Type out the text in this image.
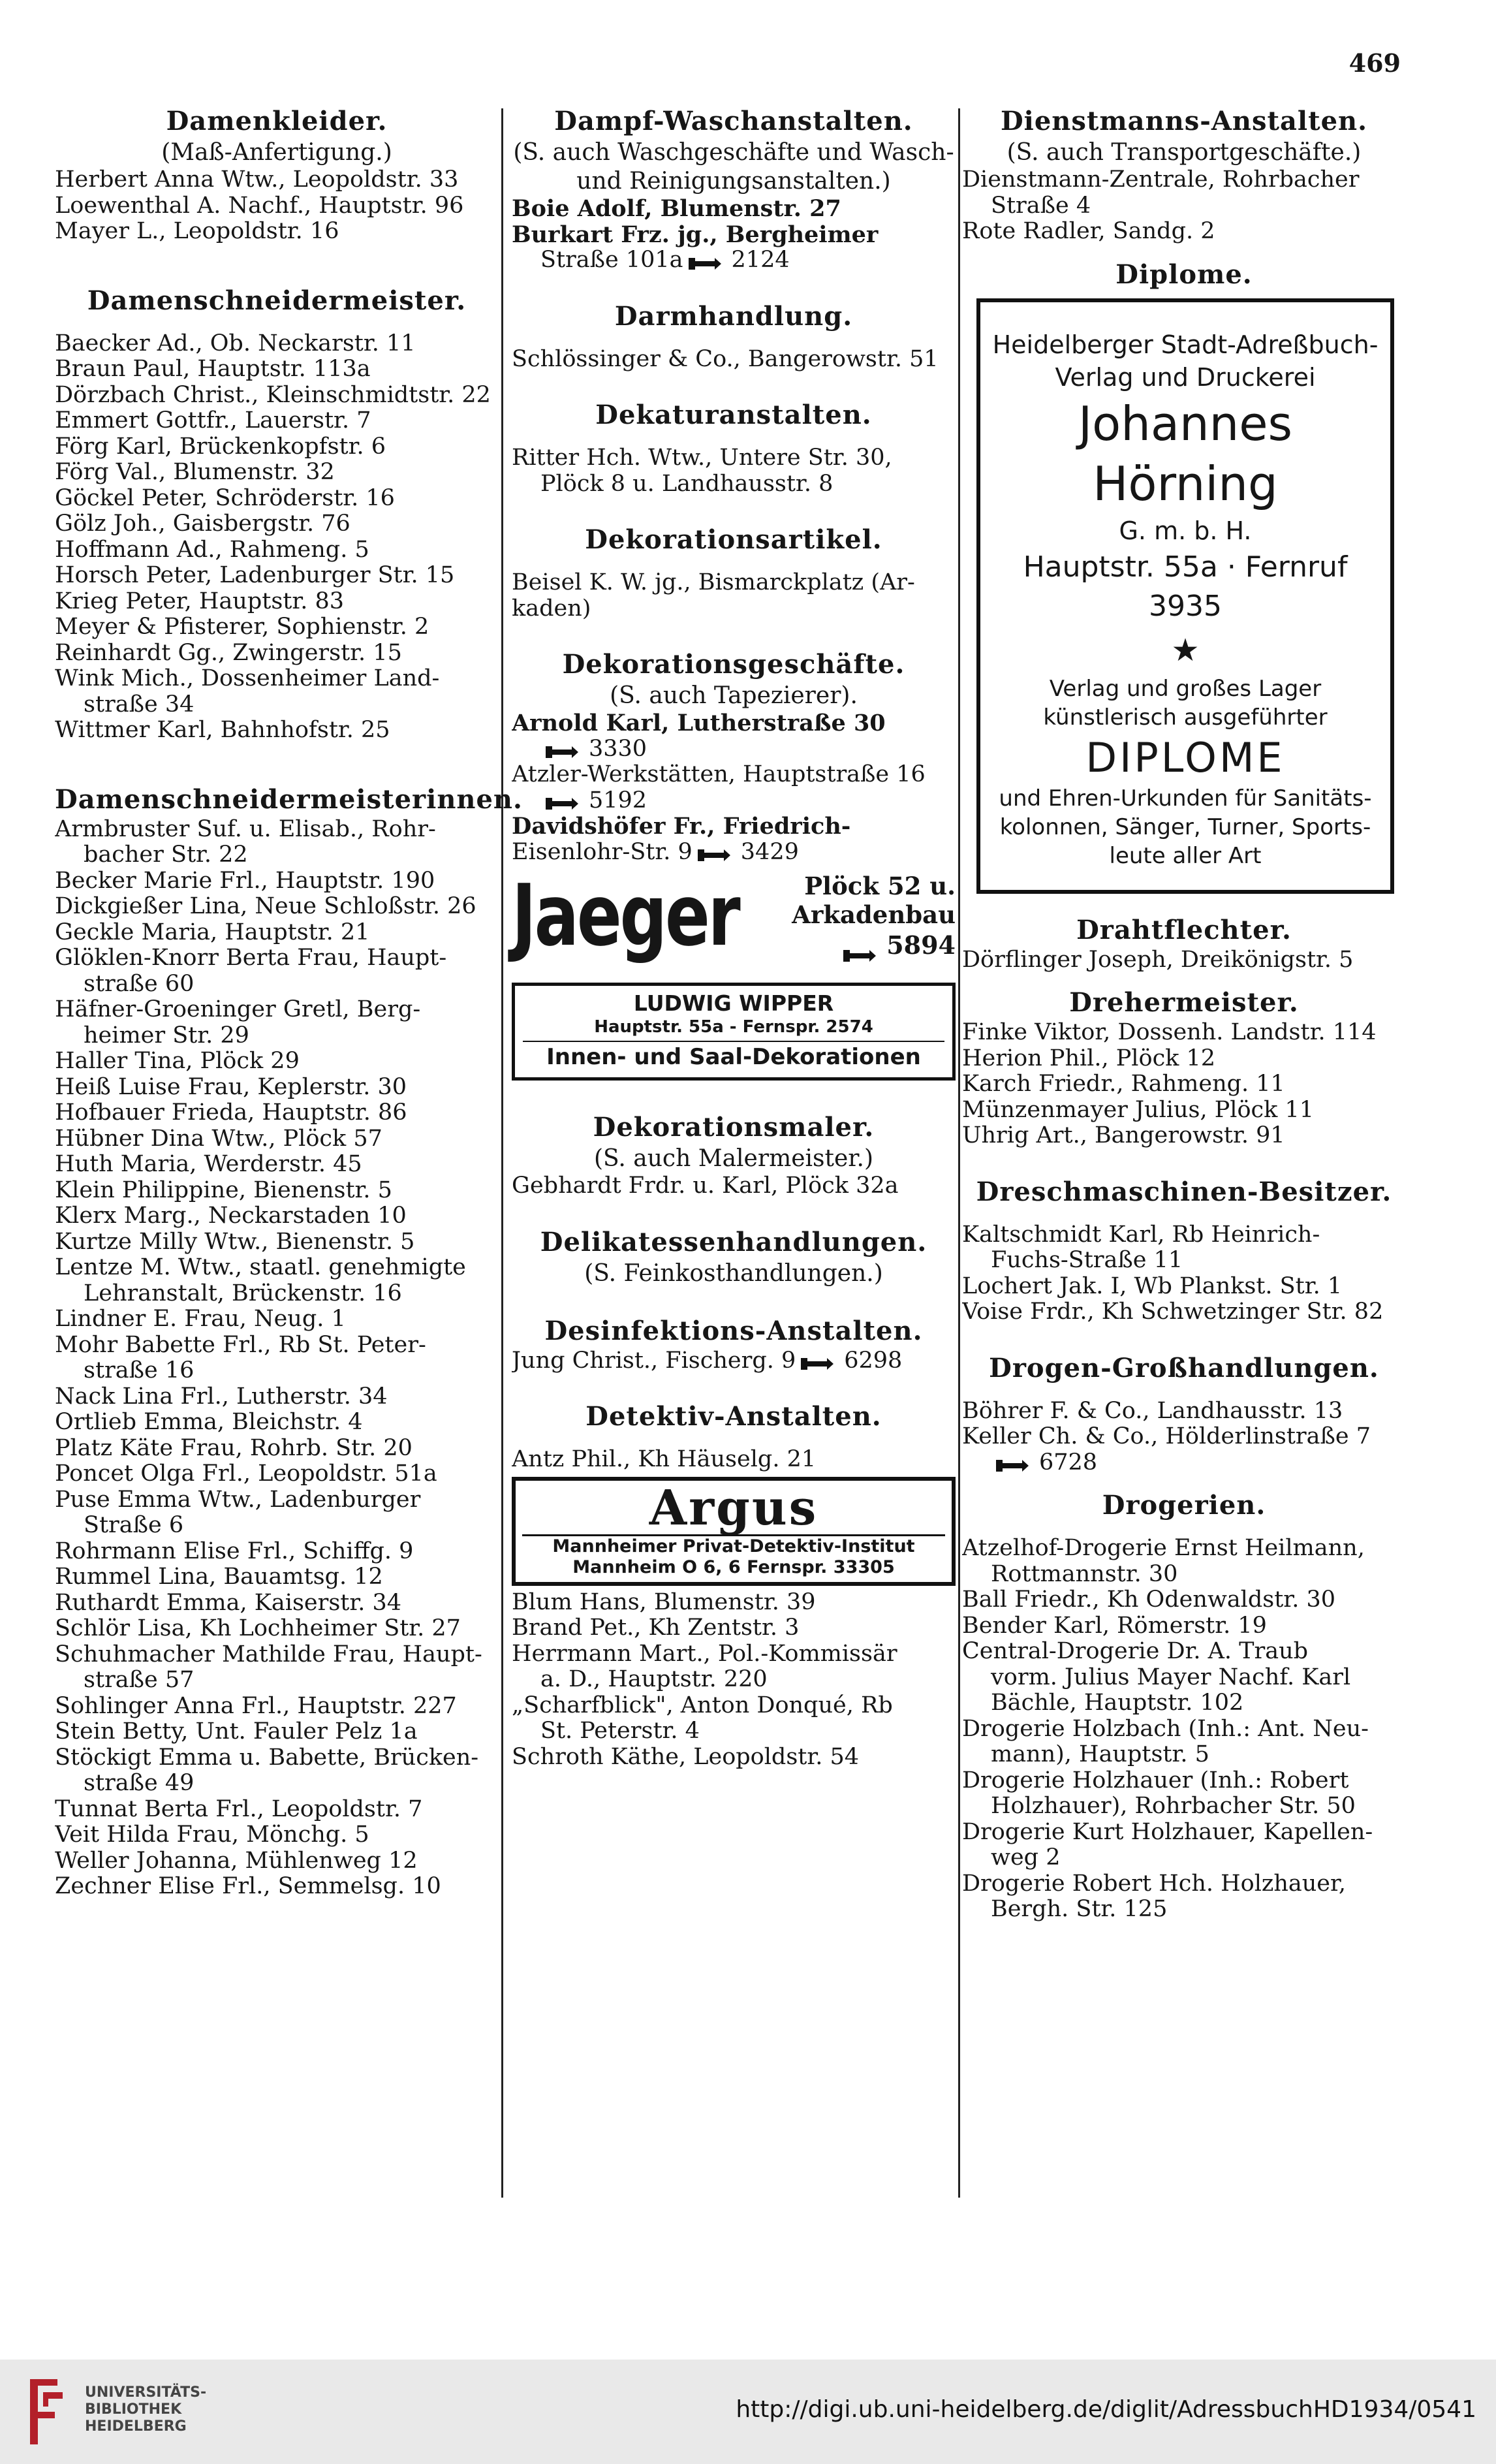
469
Damenkleider.
(Maß-Anfertigung.)
Herbert Anna Wtw., Leopoldstr. 33
Loewenthal A. Nachf., Hauptstr. 96
Mayer L., Leopoldstr. 16
Damenschneidermeister.
Baecker Ad., Ob. Neckarstr. 11
Braun Paul, Hauptstr. 113a
Dörzbach Christ., Kleinschmidtstr. 22
Emmert Gottfr., Lauerstr. 7
Förg Karl, Brückenkopfstr. 6
Förg Val., Blumenstr. 32
Göckel Peter, Schröderstr. 16
Gölz Joh., Gaisbergstr. 76
Hoffmann Ad., Rahmeng. 5
Horsch Peter, Ladenburger Str. 15
Krieg Peter, Hauptstr. 83
Meyer & Pfisterer, Sophienstr. 2
Reinhardt Gg., Zwingerstr. 15
Wink Mich., Dossenheimer Land-
straße 34
Wittmer Karl, Bahnhofstr. 25
Damenschneidermeisterinnen.
Armbruster Suf. u. Elisab., Rohr-
bacher Str. 22
Becker Marie Frl., Hauptstr. 190
Dickgießer Lina, Neue Schloßstr. 26
Geckle Maria, Hauptstr. 21
Glöklen-Knorr Berta Frau, Haupt-
straße 60
Häfner-Groeninger Gretl, Berg-
heimer Str. 29
Haller Tina, Plöck 29
Heiß Luise Frau, Keplerstr. 30
Hofbauer Frieda, Hauptstr. 86
Hübner Dina Wtw., Plöck 57
Huth Maria, Werderstr. 45
Klein Philippine, Bienenstr. 5
Klerx Marg., Neckarstaden 10
Kurtze Milly Wtw., Bienenstr. 5
Lentze M. Wtw., staatl. genehmigte
Lehranstalt, Brückenstr. 16
Lindner E. Frau, Neug. 1
Mohr Babette Frl., Rb St. Peter-
straße 16
Nack Lina Frl., Lutherstr. 34
Ortlieb Emma, Bleichstr. 4
Platz Käte Frau, Rohrb. Str. 20
Poncet Olga Frl., Leopoldstr. 51a
Puse Emma Wtw., Ladenburger
Straße 6
Rohrmann Elise Frl., Schiffg. 9
Rummel Lina, Bauamtsg. 12
Ruthardt Emma, Kaiserstr. 34
Schlör Lisa, Kh Lochheimer Str. 27
Schuhmacher Mathilde Frau, Haupt-
straße 57
Sohlinger Anna Frl., Hauptstr. 227
Stein Betty, Unt. Fauler Pelz 1a
Stöckigt Emma u. Babette, Brücken-
straße 49
Tunnat Berta Frl., Leopoldstr. 7
Veit Hilda Frau, Mönchg. 5
Weller Johanna, Mühlenweg 12
Zechner Elise Frl., Semmelsg. 10
Dampf-Waschanstalten.
(S. auch Waschgeschäfte und Wasch-
und Reinigungsanstalten.)
Boie Adolf, Blumenstr. 27
Burkart Frz. jg., Bergheimer
Straße 101a 2124
Darmhandlung.
Schlössinger & Co., Bangerowstr. 51
Dekaturanstalten.
Ritter Hch. Wtw., Untere Str. 30,
Plöck 8 u. Landhausstr. 8
Dekorationsartikel.
Beisel K. W. jg., Bismarckplatz (Ar-
kaden)
Dekorationsgeschäfte.
(S. auch Tapezierer).
Arnold Karl, Lutherstraße 30
3330
Atzler-Werkstätten, Hauptstraße 16
5192
Davidshöfer Fr., Friedrich-
Eisenlohr-Str. 9 3429
Jaeger	Plöck 52 u.
Arkadenbau
5894
LUDWIG WIPPER
Hauptstr. 55a - Fernspr. 2574
Innen- und Saal-Dekorationen
Dekorationsmaler.
(S. auch Malermeister.)
Gebhardt Frdr. u. Karl, Plöck 32a
Delikatessenhandlungen.
(S. Feinkosthandlungen.)
Desinfektions-Anstalten.
Jung Christ., Fischerg. 9 6298
Detektiv-Anstalten.
Antz Phil., Kh Häuselg. 21
Argus
Mannheimer Privat-Detektiv-Institut
Mannheim O 6, 6 Fernspr. 33305
Blum Hans, Blumenstr. 39
Brand Pet., Kh Zentstr. 3
Herrmann Mart., Pol.-Kommissär
a. D., Hauptstr. 220
„Scharfblick", Anton Donqué, Rb
St. Peterstr. 4
Schroth Käthe, Leopoldstr. 54
Dienstmanns-Anstalten.
(S. auch Transportgeschäfte.)
Dienstmann-Zentrale, Rohrbacher
Straße 4
Rote Radler, Sandg. 2
Diplome.
Heidelberger Stadt-Adreßbuch-
Verlag und Druckerei
Johannes Hörning
G. m. b. H.
Hauptstr. 55a · Fernruf 3935
★
Verlag und großes Lager
künstlerisch ausgeführter
DIPLOME
und Ehren-Urkunden für Sanitäts-
kolonnen, Sänger, Turner, Sports-
leute aller Art
Drahtflechter.
Dörflinger Joseph, Dreikönigstr. 5
Drehermeister.
Finke Viktor, Dossenh. Landstr. 114
Herion Phil., Plöck 12
Karch Friedr., Rahmeng. 11
Münzenmayer Julius, Plöck 11
Uhrig Art., Bangerowstr. 91
Dreschmaschinen-Besitzer.
Kaltschmidt Karl, Rb Heinrich-
Fuchs-Straße 11
Lochert Jak. I, Wb Plankst. Str. 1
Voise Frdr., Kh Schwetzinger Str. 82
Drogen-Großhandlungen.
Böhrer F. & Co., Landhausstr. 13
Keller Ch. & Co., Hölderlinstraße 7
6728
Drogerien.
Atzelhof-Drogerie Ernst Heilmann,
Rottmannstr. 30
Ball Friedr., Kh Odenwaldstr. 30
Bender Karl, Römerstr. 19
Central-Drogerie Dr. A. Traub
vorm. Julius Mayer Nachf. Karl
Bächle, Hauptstr. 102
Drogerie Holzbach (Inh.: Ant. Neu-
mann), Hauptstr. 5
Drogerie Holzhauer (Inh.: Robert
Holzhauer), Rohrbacher Str. 50
Drogerie Kurt Holzhauer, Kapellen-
weg 2
Drogerie Robert Hch. Holzhauer,
Bergh. Str. 125
UNIVERSITÄTS-
BIBLIOTHEK
HEIDELBERG
http://digi.ub.uni-heidelberg.de/diglit/AdressbuchHD1934/0541
